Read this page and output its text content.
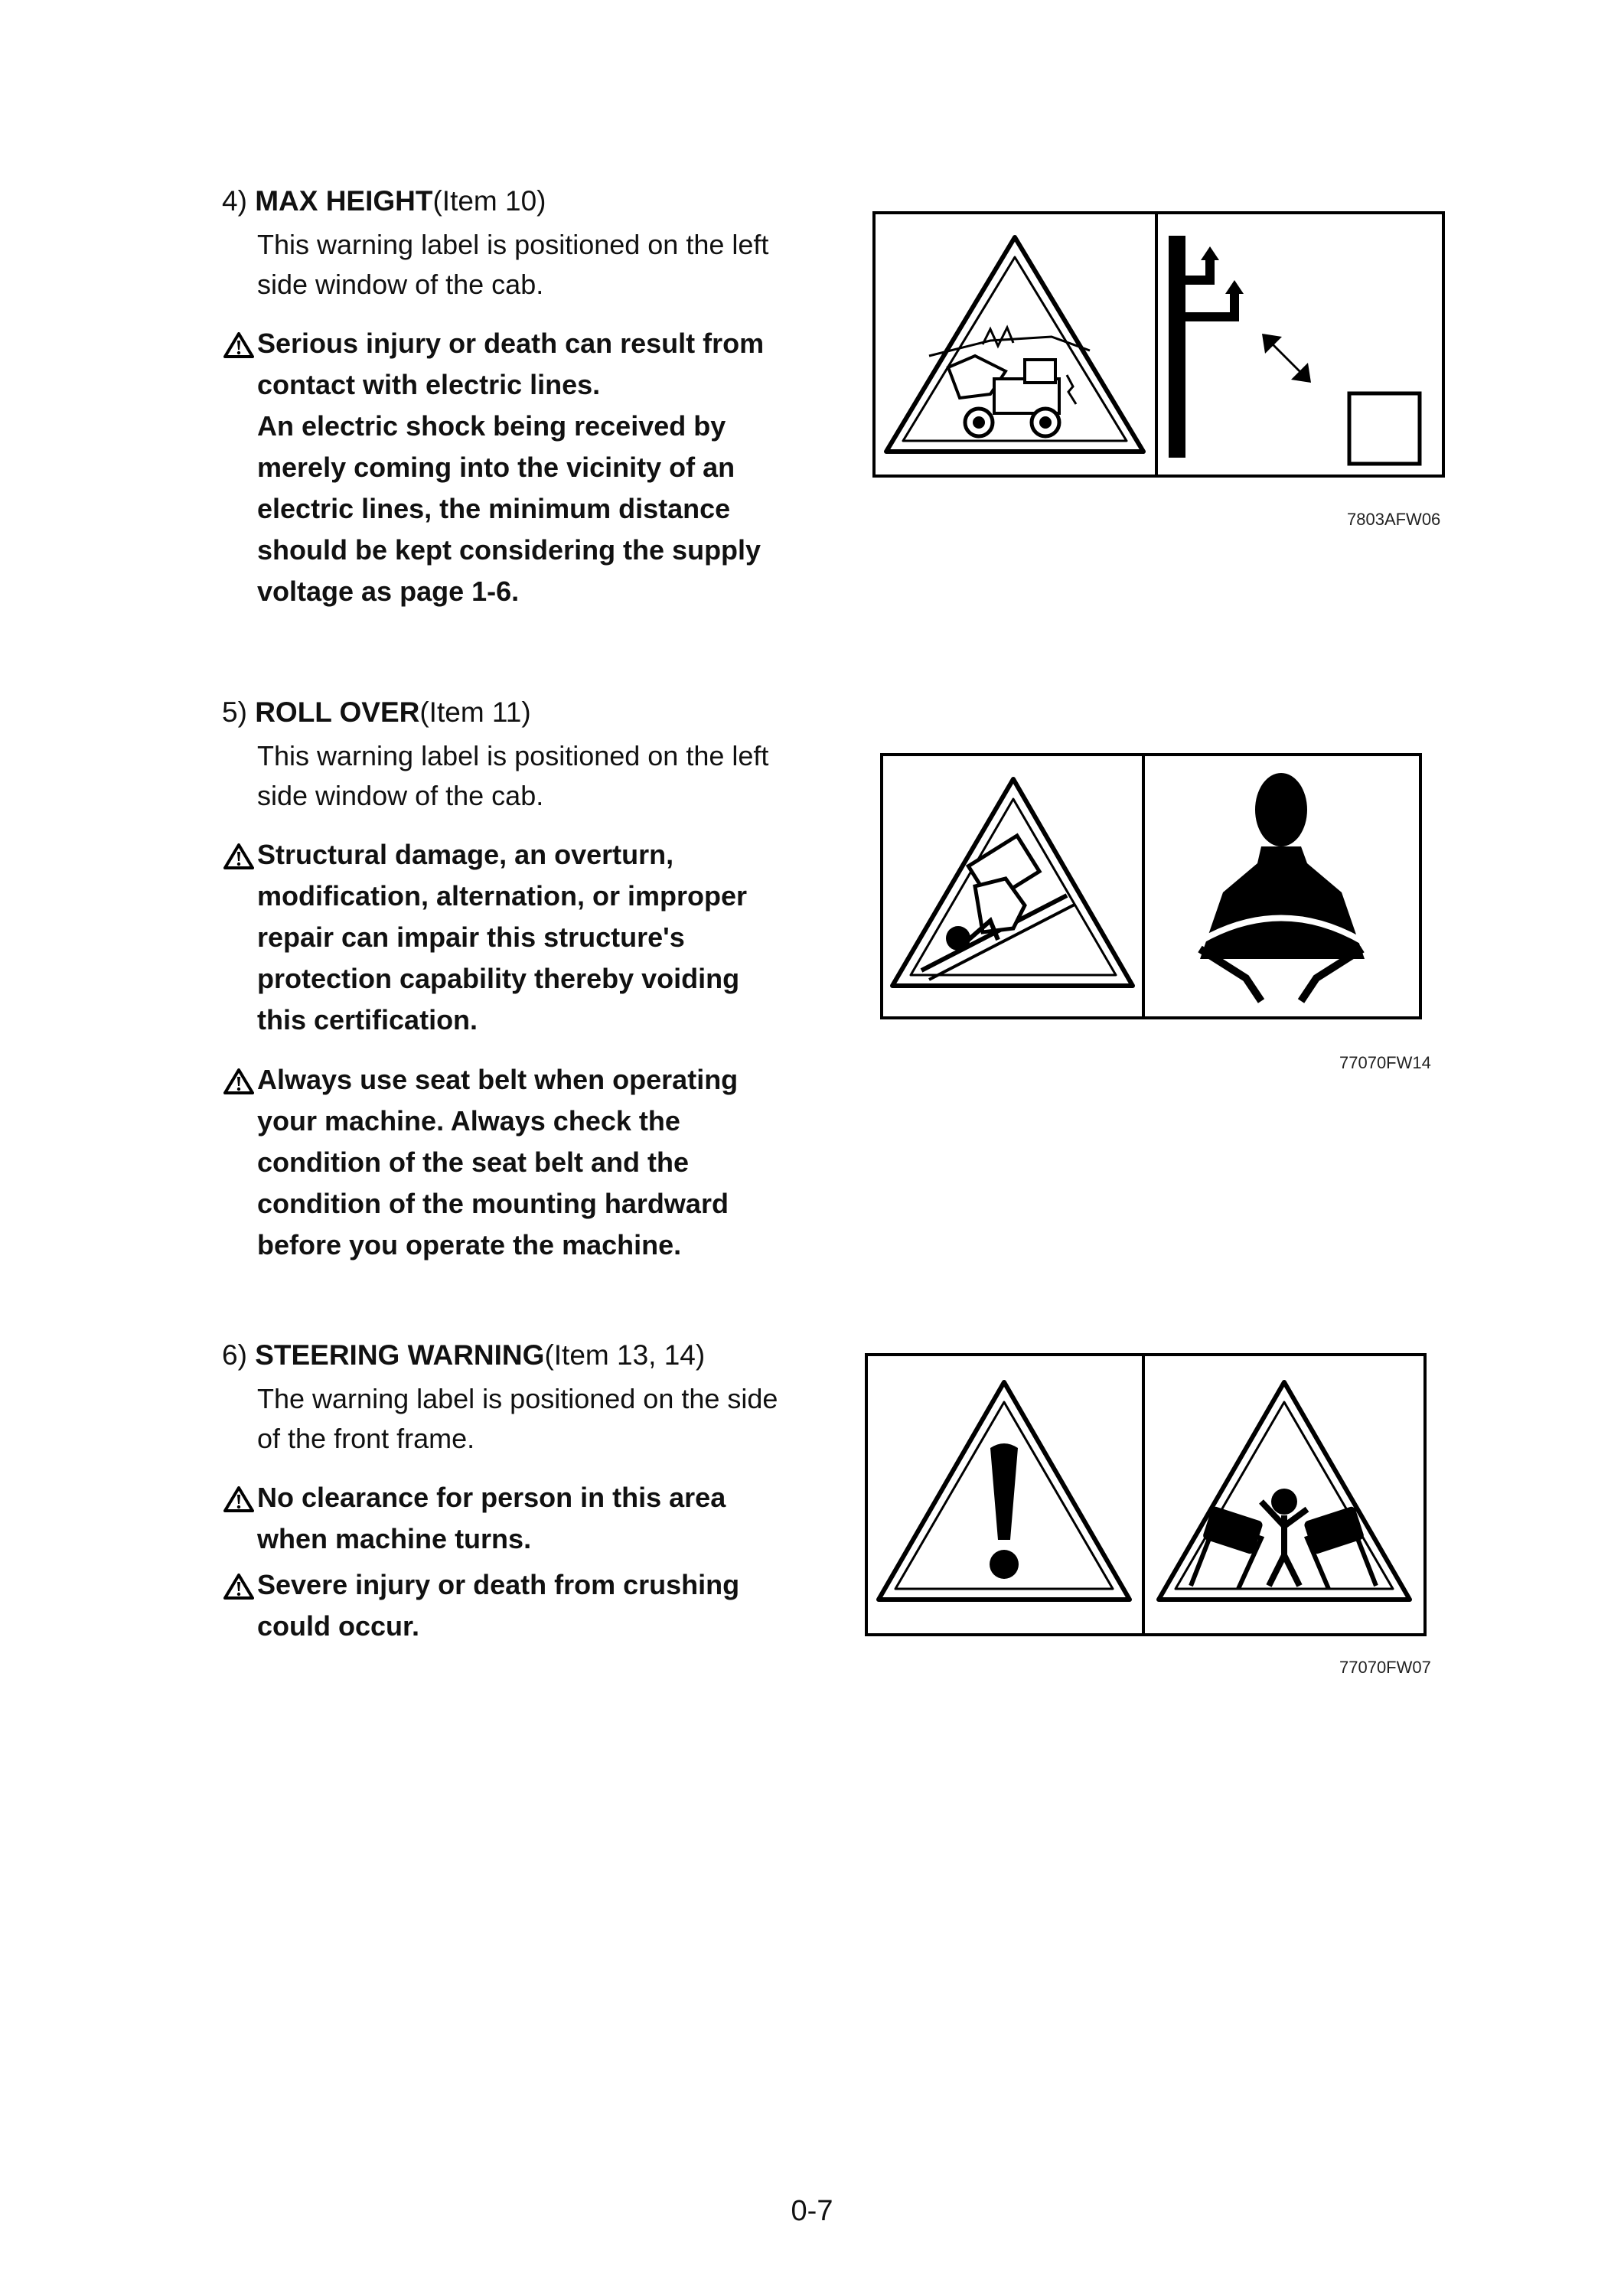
4) MAX HEIGHT(Item 10)
This warning label is positioned on the left
side window of the cab.

Serious injury or death can result from

contact with electric lines.

An electric shock being received by

merely coming into the vicinity of an

electric lines, the minimum distance

should be kept considering the supply

voltage as page 1-6.

7803AFW06
5) ROLL OVER(Item 11)
This warning label is positioned on the left
side window of the cab.

Structural damage, an overturn,

modification, alternation, or improper

repair can impair this structure's

protection capability thereby voiding

this certification.

Always use seat belt when operating

your machine. Always check the

condition of the seat belt and the

condition of the mounting hardward

before you operate the machine.

77070FW14
6) STEERING WARNING(Item 13, 14)
The warning label is positioned on the side
of the front frame.

No clearance for person in this area

when machine turns.

Severe injury or death from crushing

could occur.

77070FW07
0-7
